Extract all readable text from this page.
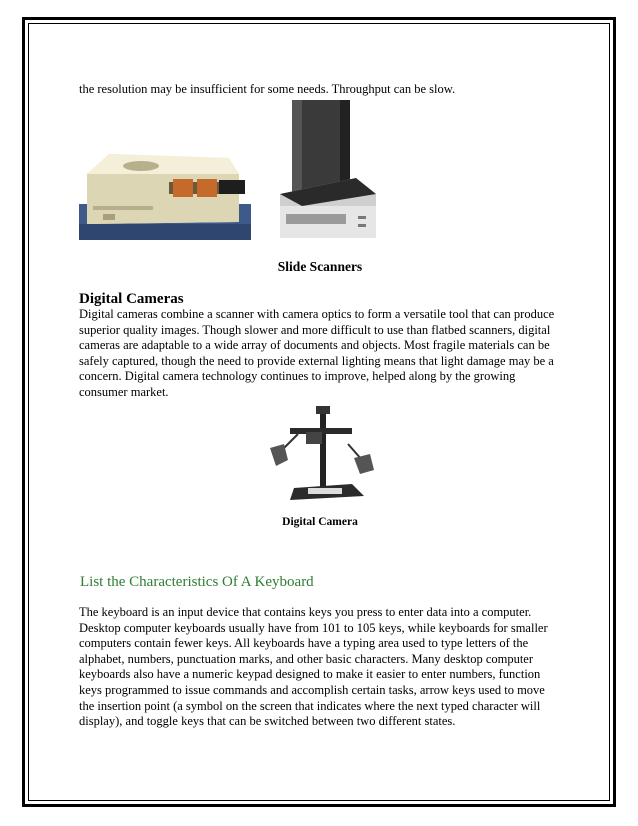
the resolution may be insufficient for some needs. Throughput can be slow.
Slide Scanners
Digital Cameras
Digital cameras combine a scanner with camera optics to form a versatile tool that can produce
superior quality images. Though slower and more difficult to use than flatbed scanners, digital
cameras are adaptable to a wide array of documents and objects. Most fragile materials can be
safely captured, though the need to provide external lighting means that light damage may be a
concern. Digital camera technology continues to improve, helped along by the growing
consumer market.
Digital Camera
List the Characteristics Of A Keyboard
The keyboard is an input device that contains keys you press to enter data into a computer.
Desktop computer keyboards usually have from 101 to 105 keys, while keyboards for smaller
computers contain fewer keys. All keyboards have a typing area used to type letters of the
alphabet, numbers, punctuation marks, and other basic characters. Many desktop computer
keyboards also have a numeric keypad designed to make it easier to enter numbers, function
keys programmed to issue commands and accomplish certain tasks, arrow keys used to move
the insertion point (a symbol on the screen that indicates where the next typed character will
display), and toggle keys that can be switched between two different states.
